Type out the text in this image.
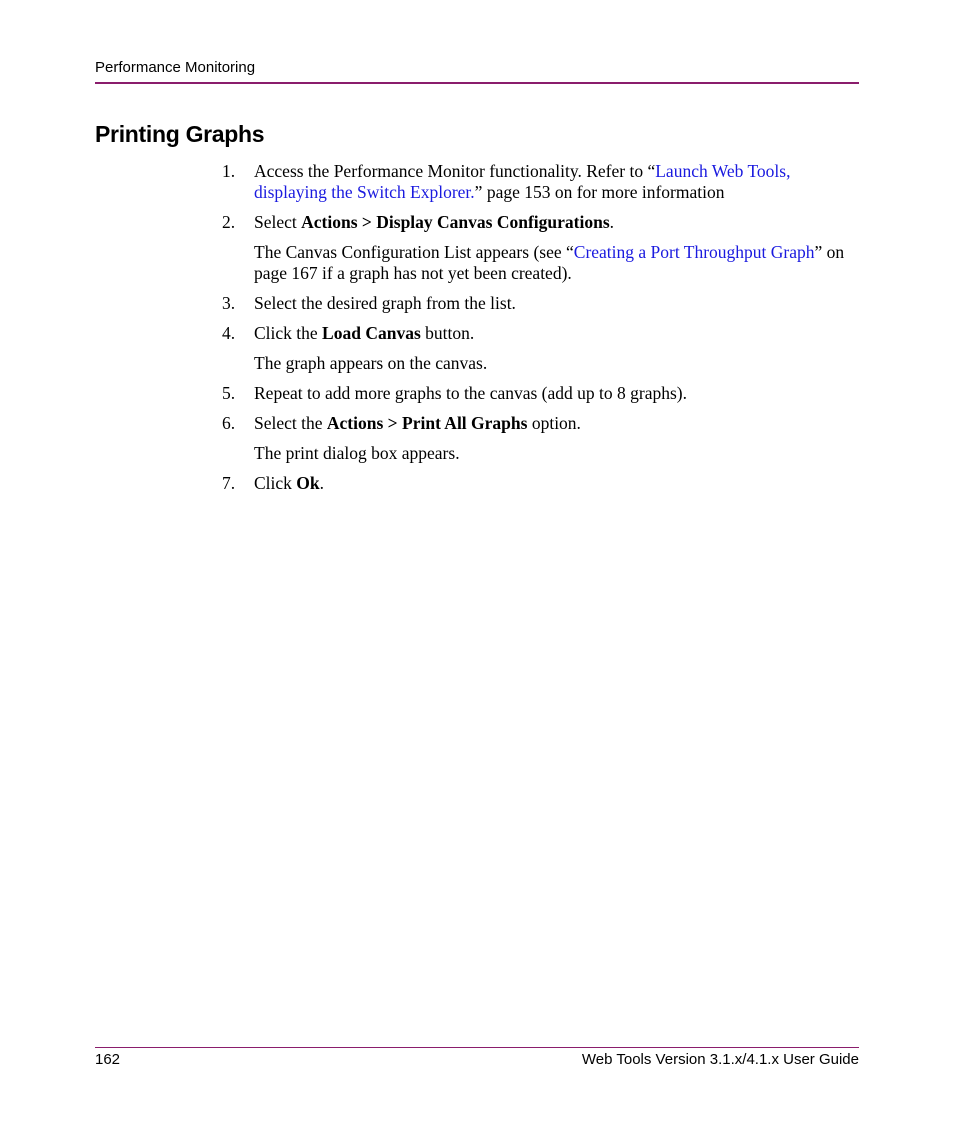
Performance Monitoring
Printing Graphs
1. Access the Performance Monitor functionality. Refer to “Launch Web Tools, displaying the Switch Explorer.” page 153 on for more information
2. Select Actions > Display Canvas Configurations.
The Canvas Configuration List appears (see “Creating a Port Throughput Graph” on page 167 if a graph has not yet been created).
3. Select the desired graph from the list.
4. Click the Load Canvas button.
The graph appears on the canvas.
5. Repeat to add more graphs to the canvas (add up to 8 graphs).
6. Select the Actions > Print All Graphs option.
The print dialog box appears.
7. Click Ok.
162	Web Tools Version 3.1.x/4.1.x User Guide
